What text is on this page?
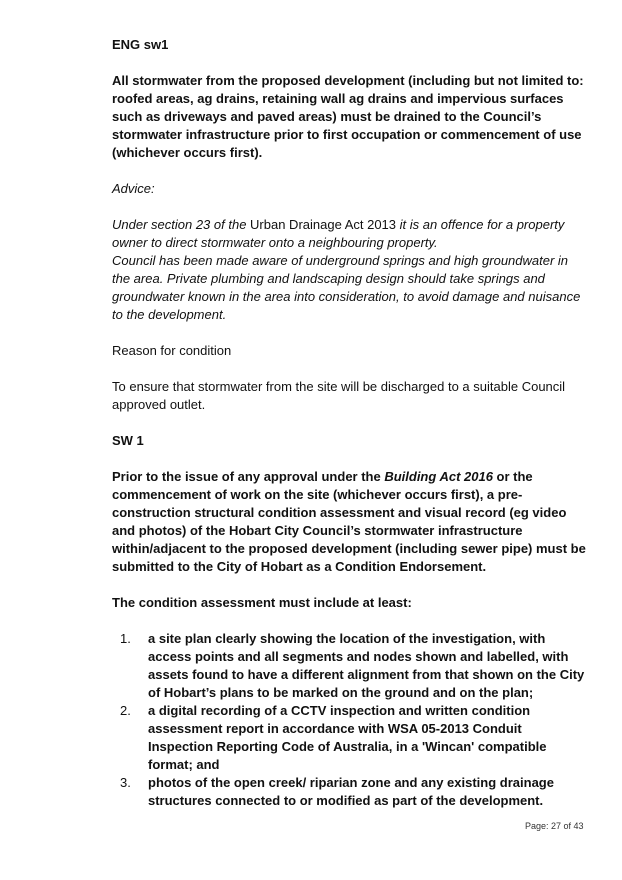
ENG sw1

All stormwater from the proposed development (including but not limited to: roofed areas, ag drains, retaining wall ag drains and impervious surfaces such as driveways and paved areas) must be drained to the Council’s stormwater infrastructure prior to first occupation or commencement of use (whichever occurs first).

Advice:

Under section 23 of the Urban Drainage Act 2013 it is an offence for a property owner to direct stormwater onto a neighbouring property.

Council has been made aware of underground springs and high groundwater in the area. Private plumbing and landscaping design should take springs and groundwater known in the area into consideration, to avoid damage and nuisance to the development.

Reason for condition

To ensure that stormwater from the site will be discharged to a suitable Council approved outlet.

SW 1

Prior to the issue of any approval under the Building Act 2016 or the commencement of work on the site (whichever occurs first), a pre-construction structural condition assessment and visual record (eg video and photos) of the Hobart City Council’s stormwater infrastructure within/adjacent to the proposed development (including sewer pipe) must be submitted to the City of Hobart as a Condition Endorsement.

The condition assessment must include at least:

1. a site plan clearly showing the location of the investigation, with access points and all segments and nodes shown and labelled, with assets found to have a different alignment from that shown on the City of Hobart’s plans to be marked on the ground and on the plan;
2. a digital recording of a CCTV inspection and written condition assessment report in accordance with WSA 05-2013 Conduit Inspection Reporting Code of Australia, in a 'Wincan' compatible format; and
3. photos of the open creek/ riparian zone and any existing drainage structures connected to or modified as part of the development.
Page: 27 of 43
